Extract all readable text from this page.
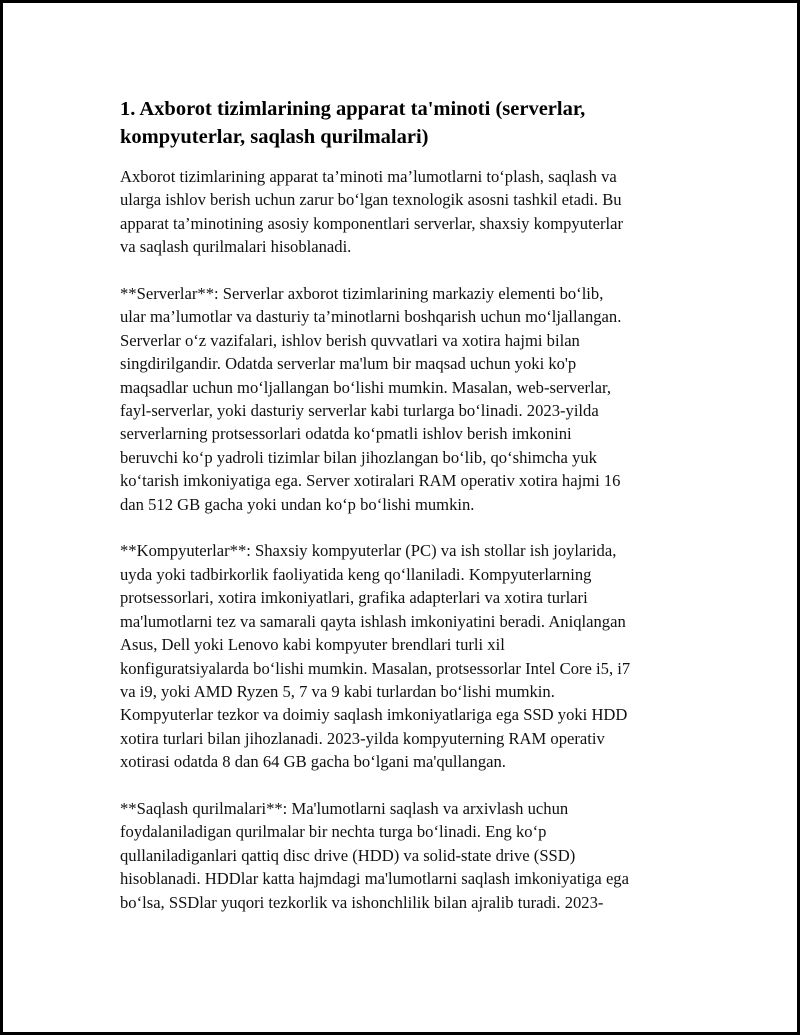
1. Axborot tizimlarining apparat ta'minoti (serverlar,
kompyuterlar, saqlash qurilmalari)

Axborot tizimlarining apparat ta’minoti ma’lumotlarni to‘plash, saqlash va
ularga ishlov berish uchun zarur bo‘lgan texnologik asosni tashkil etadi. Bu
apparat ta’minotining asosiy komponentlari serverlar, shaxsiy kompyuterlar
va saqlash qurilmalari hisoblanadi.

**Serverlar**: Serverlar axborot tizimlarining markaziy elementi bo‘lib,
ular ma’lumotlar va dasturiy ta’minotlarni boshqarish uchun mo‘ljallangan.
Serverlar o‘z vazifalari, ishlov berish quvvatlari va xotira hajmi bilan
singdirilgandir. Odatda serverlar ma'lum bir maqsad uchun yoki ko'p
maqsadlar uchun mo‘ljallangan bo‘lishi mumkin. Masalan, web-serverlar,
fayl-serverlar, yoki dasturiy serverlar kabi turlarga bo‘linadi. 2023-yilda
serverlarning protsessorlari odatda ko‘pmatli ishlov berish imkonini
beruvchi ko‘p yadroli tizimlar bilan jihozlangan bo‘lib, qo‘shimcha yuk
ko‘tarish imkoniyatiga ega. Server xotiralari RAM operativ xotira hajmi 16
dan 512 GB gacha yoki undan ko‘p bo‘lishi mumkin.

**Kompyuterlar**: Shaxsiy kompyuterlar (PC) va ish stollar ish joylarida,
uyda yoki tadbirkorlik faoliyatida keng qo‘llaniladi. Kompyuterlarning
protsessorlari, xotira imkoniyatlari, grafika adapterlari va xotira turlari
ma'lumotlarni tez va samarali qayta ishlash imkoniyatini beradi. Aniqlangan
Asus, Dell yoki Lenovo kabi kompyuter brendlari turli xil
konfiguratsiyalarda bo‘lishi mumkin. Masalan, protsessorlar Intel Core i5, i7
va i9, yoki AMD Ryzen 5, 7 va 9 kabi turlardan bo‘lishi mumkin.
Kompyuterlar tezkor va doimiy saqlash imkoniyatlariga ega SSD yoki HDD
xotira turlari bilan jihozlanadi. 2023-yilda kompyuterning RAM operativ
xotirasi odatda 8 dan 64 GB gacha bo‘lgani ma'qullangan.

**Saqlash qurilmalari**: Ma'lumotlarni saqlash va arxivlash uchun
foydalaniladigan qurilmalar bir nechta turga bo‘linadi. Eng ko‘p
qullaniladiganlari qattiq disc drive (HDD) va solid-state drive (SSD)
hisoblanadi. HDDlar katta hajmdagi ma'lumotlarni saqlash imkoniyatiga ega
bo‘lsa, SSDlar yuqori tezkorlik va ishonchlilik bilan ajralib turadi. 2023-
